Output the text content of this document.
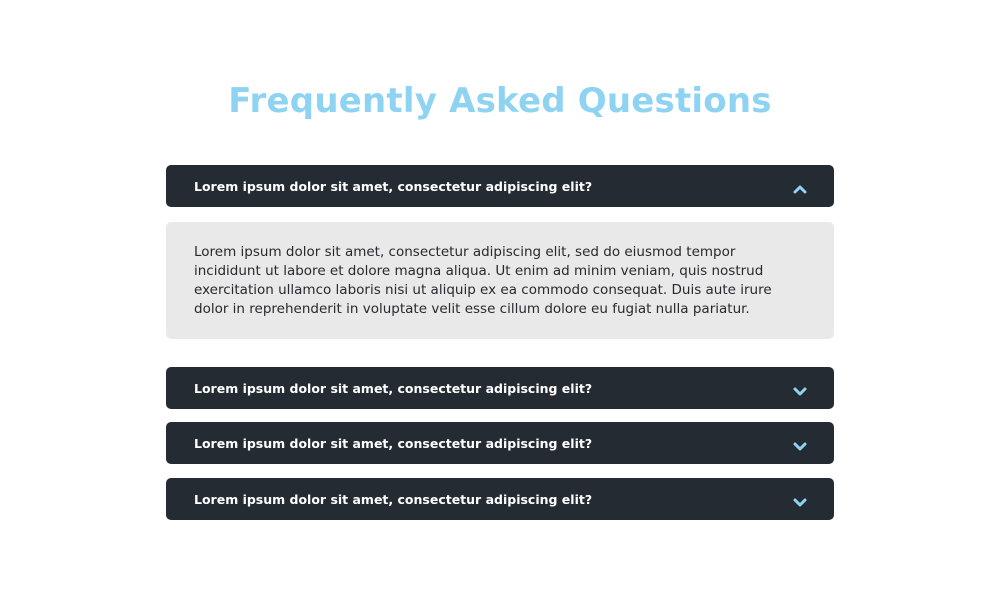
Frequently Asked Questions
Lorem ipsum dolor sit amet, consectetur adipiscing elit?

Lorem ipsum dolor sit amet, consectetur adipiscing elit, sed do eiusmod tempor incididunt ut labore et dolore magna aliqua. Ut enim ad minim veniam, quis nostrud exercitation ullamco laboris nisi ut aliquip ex ea commodo consequat. Duis aute irure dolor in reprehenderit in voluptate velit esse cillum dolore eu fugiat nulla pariatur.

Lorem ipsum dolor sit amet, consectetur adipiscing elit?
Lorem ipsum dolor sit amet, consectetur adipiscing elit?
Lorem ipsum dolor sit amet, consectetur adipiscing elit?
